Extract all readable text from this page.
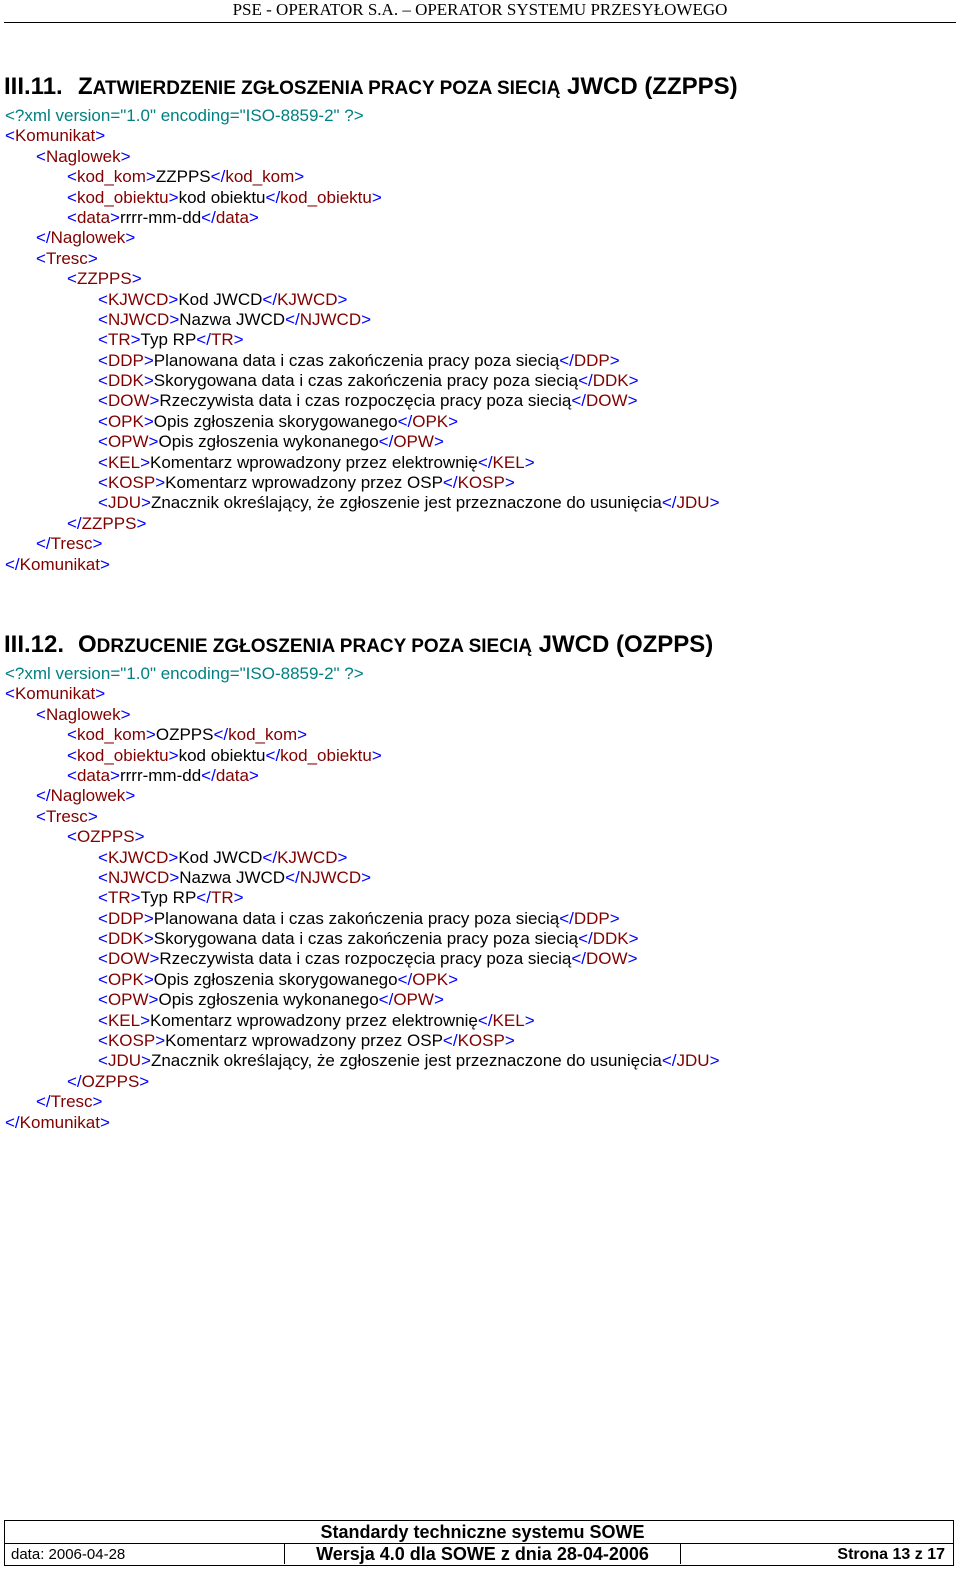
PSE - OPERATOR S.A. – OPERATOR SYSTEMU PRZESYŁOWEGO
III.11. ZATWIERDZENIE ZGŁOSZENIA PRACY POZA SIECIĄ JWCD (ZZPPS)
<?xml version="1.0" encoding="ISO-8859-2" ?>
<Komunikat>
<Naglowek>
<kod_kom>ZZPPS</kod_kom>
<kod_obiektu>kod obiektu</kod_obiektu>
<data>rrrr-mm-dd</data>
</Naglowek>
<Tresc>
<ZZPPS>
<KJWCD>Kod JWCD</KJWCD>
<NJWCD>Nazwa JWCD</NJWCD>
<TR>Typ RP</TR>
<DDP>Planowana data i czas zakończenia pracy poza siecią</DDP>
<DDK>Skorygowana data i czas zakończenia pracy poza siecią</DDK>
<DOW>Rzeczywista data i czas rozpoczęcia pracy poza siecią</DOW>
<OPK>Opis zgłoszenia skorygowanego</OPK>
<OPW>Opis zgłoszenia wykonanego</OPW>
<KEL>Komentarz wprowadzony przez elektrownię</KEL>
<KOSP>Komentarz wprowadzony przez OSP</KOSP>
<JDU>Znacznik określający, że zgłoszenie jest przeznaczone do usunięcia</JDU>
</ZZPPS>
</Tresc>
</Komunikat>
III.12. ODRZUCENIE ZGŁOSZENIA PRACY POZA SIECIĄ JWCD (OZPPS)
<?xml version="1.0" encoding="ISO-8859-2" ?>
<Komunikat>
<Naglowek>
<kod_kom>OZPPS</kod_kom>
<kod_obiektu>kod obiektu</kod_obiektu>
<data>rrrr-mm-dd</data>
</Naglowek>
<Tresc>
<OZPPS>
<KJWCD>Kod JWCD</KJWCD>
<NJWCD>Nazwa JWCD</NJWCD>
<TR>Typ RP</TR>
<DDP>Planowana data i czas zakończenia pracy poza siecią</DDP>
<DDK>Skorygowana data i czas zakończenia pracy poza siecią</DDK>
<DOW>Rzeczywista data i czas rozpoczęcia pracy poza siecią</DOW>
<OPK>Opis zgłoszenia skorygowanego</OPK>
<OPW>Opis zgłoszenia wykonanego</OPW>
<KEL>Komentarz wprowadzony przez elektrownię</KEL>
<KOSP>Komentarz wprowadzony przez OSP</KOSP>
<JDU>Znacznik określający, że zgłoszenie jest przeznaczone do usunięcia</JDU>
</OZPPS>
</Tresc>
</Komunikat>
Standardy techniczne systemu SOWE
data: 2006-04-28	Wersja 4.0 dla SOWE z dnia 28-04-2006	Strona 13 z 17
